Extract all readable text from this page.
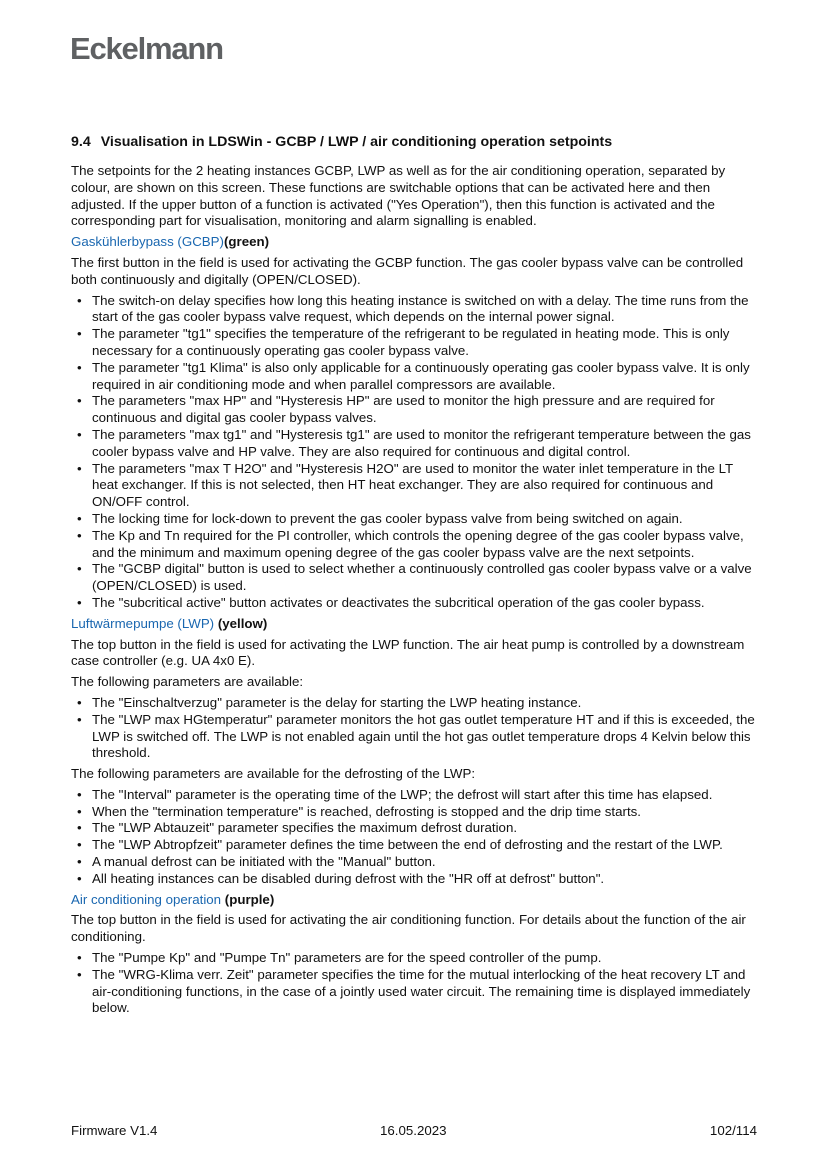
Eckelmann
9.4 Visualisation in LDSWin - GCBP / LWP / air conditioning operation setpoints

The setpoints for the 2 heating instances GCBP, LWP as well as for the air conditioning operation, separated by colour, are shown on this screen. These functions are switchable options that can be activated here and then adjusted. If the upper button of a function is activated ("Yes Operation"), then this function is activated and the corresponding part for visualisation, monitoring and alarm signalling is enabled.

Gaskühlerbypass (GCBP)(green)

The first button in the field is used for activating the GCBP function. The gas cooler bypass valve can be controlled both continuously and digitally (OPEN/CLOSED).

• The switch-on delay specifies how long this heating instance is switched on with a delay. The time runs from the start of the gas cooler bypass valve request, which depends on the internal power signal.
• The parameter "tg1" specifies the temperature of the refrigerant to be regulated in heating mode. This is only necessary for a continuously operating gas cooler bypass valve.
• The parameter "tg1 Klima" is also only applicable for a continuously operating gas cooler bypass valve. It is only required in air conditioning mode and when parallel compressors are available.
• The parameters "max HP" and "Hysteresis HP" are used to monitor the high pressure and are required for continuous and digital gas cooler bypass valves.
• The parameters "max tg1" and "Hysteresis tg1" are used to monitor the refrigerant temperature between the gas cooler bypass valve and HP valve. They are also required for continuous and digital control.
• The parameters "max T H2O" and "Hysteresis H2O" are used to monitor the water inlet temperature in the LT heat exchanger. If this is not selected, then HT heat exchanger. They are also required for continuous and ON/OFF control.
• The locking time for lock-down to prevent the gas cooler bypass valve from being switched on again.
• The Kp and Tn required for the PI controller, which controls the opening degree of the gas cooler bypass valve, and the minimum and maximum opening degree of the gas cooler bypass valve are the next setpoints.
• The "GCBP digital" button is used to select whether a continuously controlled gas cooler bypass valve or a valve (OPEN/CLOSED) is used.
• The "subcritical active" button activates or deactivates the subcritical operation of the gas cooler bypass.
Luftwärmepumpe (LWP) (yellow)

The top button in the field is used for activating the LWP function. The air heat pump is controlled by a downstream case controller (e.g. UA 4x0 E).

The following parameters are available:

• The "Einschaltverzug" parameter is the delay for starting the LWP heating instance.
• The "LWP max HGtemperatur" parameter monitors the hot gas outlet temperature HT and if this is exceeded, the LWP is switched off. The LWP is not enabled again until the hot gas outlet temperature drops 4 Kelvin below this threshold.

The following parameters are available for the defrosting of the LWP:

• The "Interval" parameter is the operating time of the LWP; the defrost will start after this time has elapsed.
• When the "termination temperature" is reached, defrosting is stopped and the drip time starts.
• The "LWP Abtauzeit" parameter specifies the maximum defrost duration.
• The "LWP Abtropfzeit" parameter defines the time between the end of defrosting and the restart of the LWP.
• A manual defrost can be initiated with the "Manual" button.
• All heating instances can be disabled during defrost with the "HR off at defrost" button".
Air conditioning operation (purple)

The top button in the field is used for activating the air conditioning function. For details about the function of the air conditioning.

• The "Pumpe Kp" and "Pumpe Tn" parameters are for the speed controller of the pump.
• The "WRG-Klima verr. Zeit" parameter specifies the time for the mutual interlocking of the heat recovery LT and air-conditioning functions, in the case of a jointly used water circuit. The remaining time is displayed immediately below.
Firmware V1.4	16.05.2023	102/114
